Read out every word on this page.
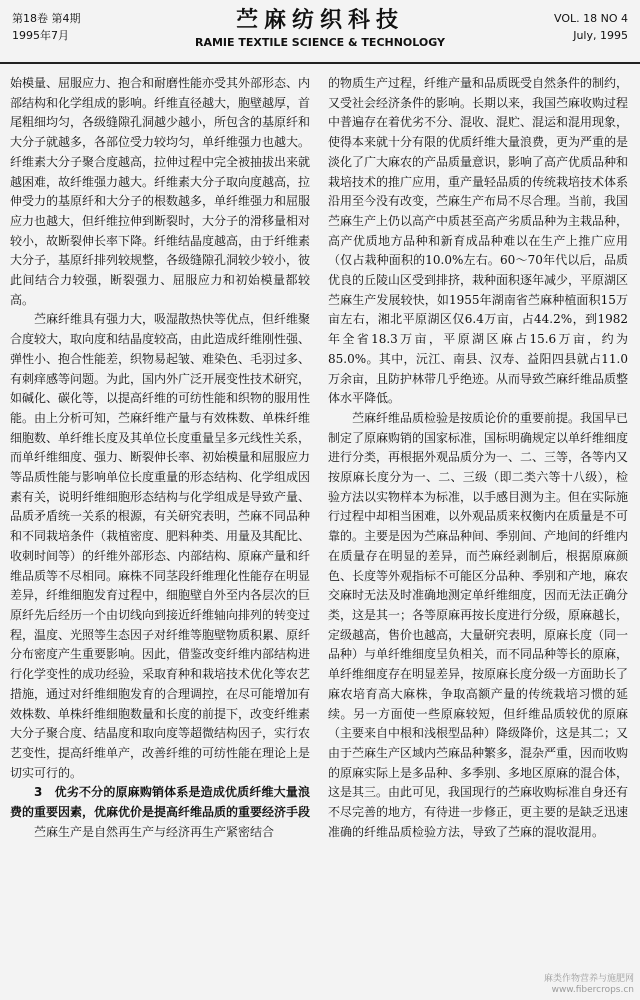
第18卷 第4期
1995年7月
苎麻纺织科技
RAMIE TEXTILE SCIENCE & TECHNOLOGY
VOL. 18 NO 4
July, 1995

始模量、屈服应力、抱合和耐磨性能亦受其外部形态、内部结构和化学组成的影响。纤维直径越大，胞壁越厚，首尾粗细均匀，各级缝隙孔洞越少越小，所包含的基原纤和大分子就越多，各部位受力较均匀，单纤维强力也越大。纤维素大分子聚合度越高，拉伸过程中完全被抽拔出来就越困难，故纤维强力越大。纤维素大分子取向度越高，拉伸受力的基原纤和大分子的根数越多，单纤维强力和屈服应力也越大，但纤维拉伸到断裂时，大分子的滑移量相对较小，故断裂伸长率下降。纤维结晶度越高，由于纤维素大分子，基原纤排列较规整，各级缝隙孔洞较少较小，彼此间结合力较强，断裂强力、屈服应力和初始模量都较高。

苎麻纤维具有强力大，吸湿散热快等优点，但纤维聚合度较大，取向度和结晶度较高，由此造成纤维刚性强、弹性小、抱合性能差，织物易起皱、难染色、毛羽过多、有刺痒感等问题。为此，国内外广泛开展变性技术研究，如碱化、碳化等，以提高纤维的可纺性能和织物的服用性能。由上分析可知，苎麻纤维产量与有效株数、单株纤维细胞数、单纤维长度及其单位长度重量呈多元线性关系，而单纤维细度、强力、断裂伸长率、初始模量和屈服应力等品质性能与影响单位长度重量的形态结构、化学组成因素有关，说明纤维细胞形态结构与化学组成是导致产量、品质矛盾统一关系的根源，有关研究表明，苎麻不同品种和不同栽培条件（栽植密度、肥料种类、用量及其配比、收刺时间等）的纤维外部形态、内部结构、原麻产量和纤维品质等不尽相同。麻株不同茎段纤维理化性能存在明显差异，纤维细胞发育过程中，细胞壁自外至内各层次的巨原纤先后经历一个由切线向到接近纤维轴向排列的转变过程，温度、光照等生态因子对纤维等胞壁物质积累、原纤分布密度产生重要影响。因此，借鉴改变纤维内部结构进行化学变性的成功经验，采取育种和栽培技术优化等农艺措施，通过对纤维细胞发育的合理调控，在尽可能增加有效株数、单株纤维细胞数量和长度的前提下，改变纤维素大分子聚合度、结晶度和取向度等超微结构因子，实行农艺变性，提高纤维单产，改善纤维的可纺性能在理论上是切实可行的。

3　优劣不分的原麻购销体系是造成优质纤维大量浪费的重要因素，优麻优价是提高纤维品质的重要经济手段

苎麻生产是自然再生产与经济再生产紧密结合

的物质生产过程，纤维产量和品质既受自然条件的制约，又受社会经济条件的影响。长期以来，我国苎麻收购过程中普遍存在着优劣不分、混收、混贮、混运和混用现象，使得本来就十分有限的优质纤维大量浪费，更为严重的是淡化了广大麻农的产品质量意识，影响了高产优质品种和栽培技术的推广应用，重产量轻品质的传统栽培技术体系沿用至今没有改变，苎麻生产布局不尽合理。当前，我国苎麻生产上仍以高产中质甚至高产劣质品种为主栽品种，高产优质地方品种和新育成品种难以在生产上推广应用（仅占栽种面积的10.0%左右。60～70年代以后，品质优良的丘陵山区受到排挤，栽种面积逐年减少，平原湖区苎麻生产发展较快，如1955年湖南省苎麻种植面积15万亩左右，湘北平原湖区仅6.4万亩，占44.2%，到1982年全省18.3万亩，平原湖区麻占15.6万亩，约为85.0%。其中，沅江、南县、汉寿、益阳四县就占11.0万余亩，且防护林带几乎绝迹。从而导致苎麻纤维品质整体水平降低。

苎麻纤维品质检验是按质论价的重要前提。我国早已制定了原麻购销的国家标准，国标明确规定以单纤维细度进行分类，再根据外观品质分为一、二、三等，各等内又按原麻长度分为一、二、三级（即二类六等十八级），检验方法以实物样本为标准，以手感目测为主。但在实际施行过程中却相当困难，以外观品质来权衡内在质量是不可靠的。主要是因为苎麻品种间、季别间、产地间的纤维内在质量存在明显的差异，而苎麻经剥制后，根据原麻颜色、长度等外观指标不可能区分品种、季别和产地，麻农交麻时无法及时准确地测定单纤维细度，因而无法正确分类，这是其一；各等原麻再按长度进行分级，原麻越长，定级越高，售价也越高，大量研究表明，原麻长度（同一品种）与单纤维细度呈负相关，而不同品种等长的原麻，单纤维细度存在明显差异，按原麻长度分级一方面助长了麻农培育高大麻株，争取高额产量的传统栽培习惯的延续。另一方面使一些原麻较短，但纤维品质较优的原麻（主要来自中根和浅根型品种）降级降价，这是其二；又由于苎麻生产区域内苎麻品种繁多，混杂严重，因而收购的原麻实际上是多品种、多季别、多地区原麻的混合体，这是其三。由此可见，我国现行的苎麻收购标准自身还有不尽完善的地方，有待进一步修正，更主要的是缺乏迅速准确的纤维品质检验方法，导致了苎麻的混收混用。

麻类作物营养与施肥网
www.fibercrops.cn
